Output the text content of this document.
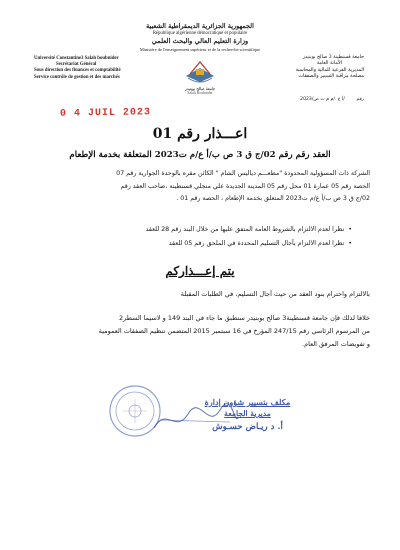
الجمهورية الجزائرية الديمقراطية الشعبية
République algérienne démocratique et populaire
وزارة التعليم العالي والبحث العلمي
Ministère de l'enseignement supérieur et de la recherche scientifique
Université Constantine3 Salah boubnider
Secrétariat Général
Sous direction des finances et comptabilité
Service contrôle de gestion et des marchés
جامعة صالح بوبنيدر
Salah Boubnider
جامعة قسنطينة 3 صالح بوبنيدر
الأمانة العامة
المديرية الفرعية للمالية والمحاسبة
مصلحة مراقبة التسيير والصفقات
رقم        /أ ع ./م م ت ص/2023
0 4 JUIL 2023
اعـــذار رقم 01
العقد رقم رقم 02/ج ق 3 ص ب/أ ع/م ت2023 المتعلقة بخدمة الإطعام
الشركة ذات المسؤولية المحدودة "مطعـــم دياليس الشام " الكائن مقره بالوحدة الجوارية رقم 07
الحصة رقم 05 عمارة 01 محل رقم 05 المدينة الجديدة علي منجلي قسنطينة ،صاحب العقد رقم
02/ج ق 3 ص ب/أ ع/م ت2023 المتعلق بخدمة الإطعام ، الحصة رقم 01 .
•  نظرا لعدم الالتزام بالشروط العامة المتفق عليها من خلال البند رقم 28 للعقد
•  نظرا لعدم الالتزام بآجال التسليم المحددة في الملحق رقم 05 للعقد
يتم إعـــذاركم
بالالتزام واحترام بنود العقد من حيث آجال التسليم، في الطلبات المقبلة
خلافا لذلك فإن جامعة قسنطينة3 صالح بوبنيدر ستطبق ما جاء في البند 149 و لاسيما السطر2
من المرسوم الرئاسي رقم 247/15 المؤرخ في 16 سبتمبر 2015 المتضمن تنظيم الصفقات العمومية
و تفويضات المرفق العام.
مكلف بتسيير شؤون إدارة
مديرية الجامعة
أ. د ريـاض حسـوش
